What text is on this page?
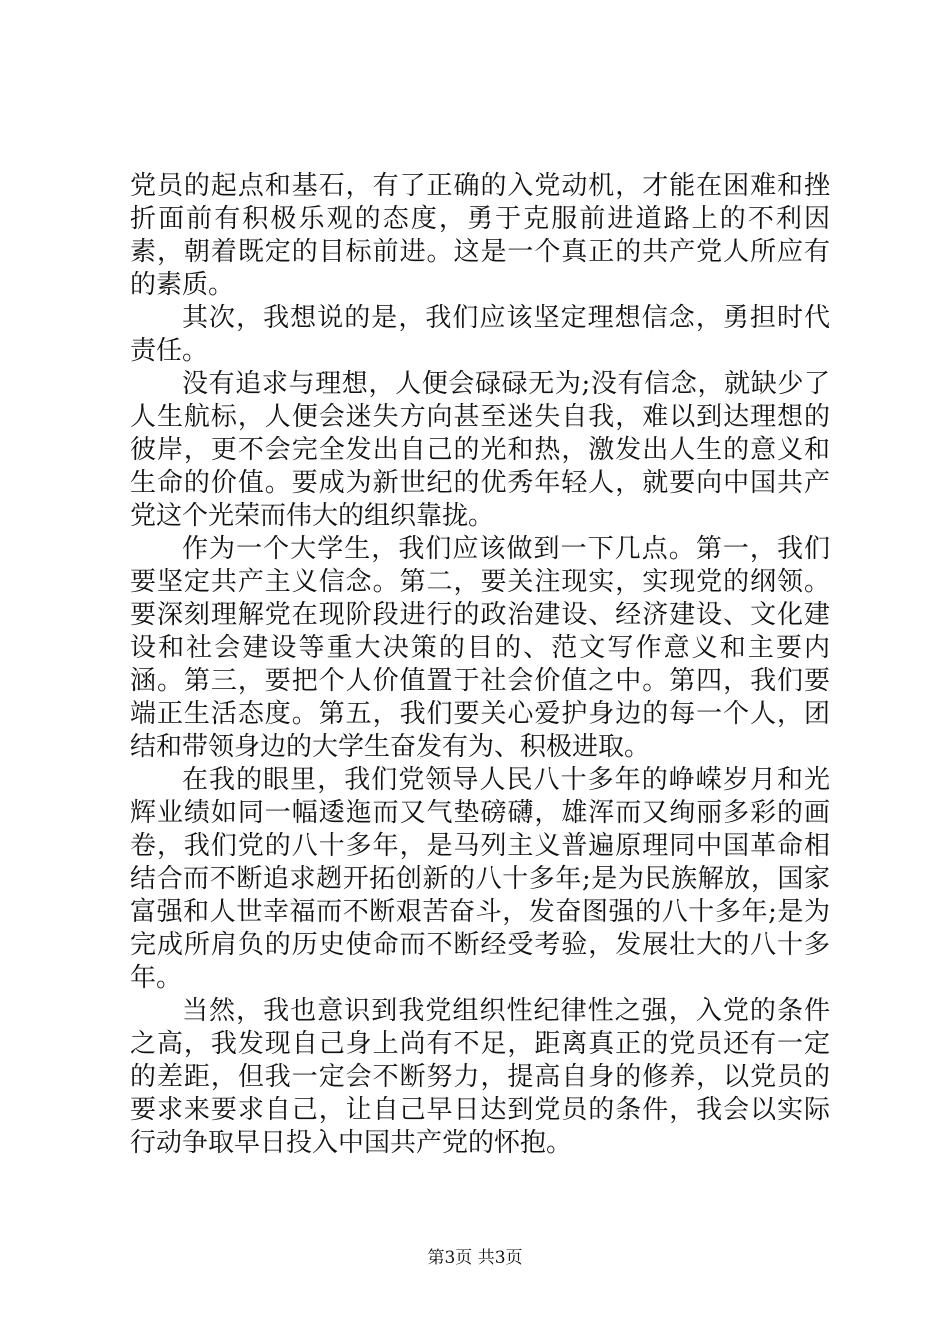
党员的起点和基石，有了正确的入党动机，才能在困难和挫折面前有积极乐观的态度，勇于克服前进道路上的不利因素，朝着既定的目标前进。这是一个真正的共产党人所应有的素质。

其次，我想说的是，我们应该坚定理想信念，勇担时代责任。

没有追求与理想，人便会碌碌无为;没有信念，就缺少了人生航标，人便会迷失方向甚至迷失自我，难以到达理想的彼岸，更不会完全发出自己的光和热，激发出人生的意义和生命的价值。要成为新世纪的优秀年轻人，就要向中国共产党这个光荣而伟大的组织靠拢。

作为一个大学生，我们应该做到一下几点。第一，我们要坚定共产主义信念。第二，要关注现实，实现党的纲领。要深刻理解党在现阶段进行的政治建设、经济建设、文化建设和社会建设等重大决策的目的、范文写作意义和主要内涵。第三，要把个人价值置于社会价值之中。第四，我们要端正生活态度。第五，我们要关心爱护身边的每一个人，团结和带领身边的大学生奋发有为、积极进取。

在我的眼里，我们党领导人民八十多年的峥嵘岁月和光辉业绩如同一幅逶迤而又气垫磅礴，雄浑而又绚丽多彩的画卷，我们党的八十多年，是马列主义普遍原理同中国革命相结合而不断追求趔开拓创新的八十多年;是为民族解放，国家富强和人世幸福而不断艰苦奋斗，发奋图强的八十多年;是为完成所肩负的历史使命而不断经受考验，发展壮大的八十多年。

当然，我也意识到我党组织性纪律性之强，入党的条件之高，我发现自己身上尚有不足，距离真正的党员还有一定的差距，但我一定会不断努力，提高自身的修养，以党员的要求来要求自己，让自己早日达到党员的条件，我会以实际行动争取早日投入中国共产党的怀抱。

第3页 共3页
